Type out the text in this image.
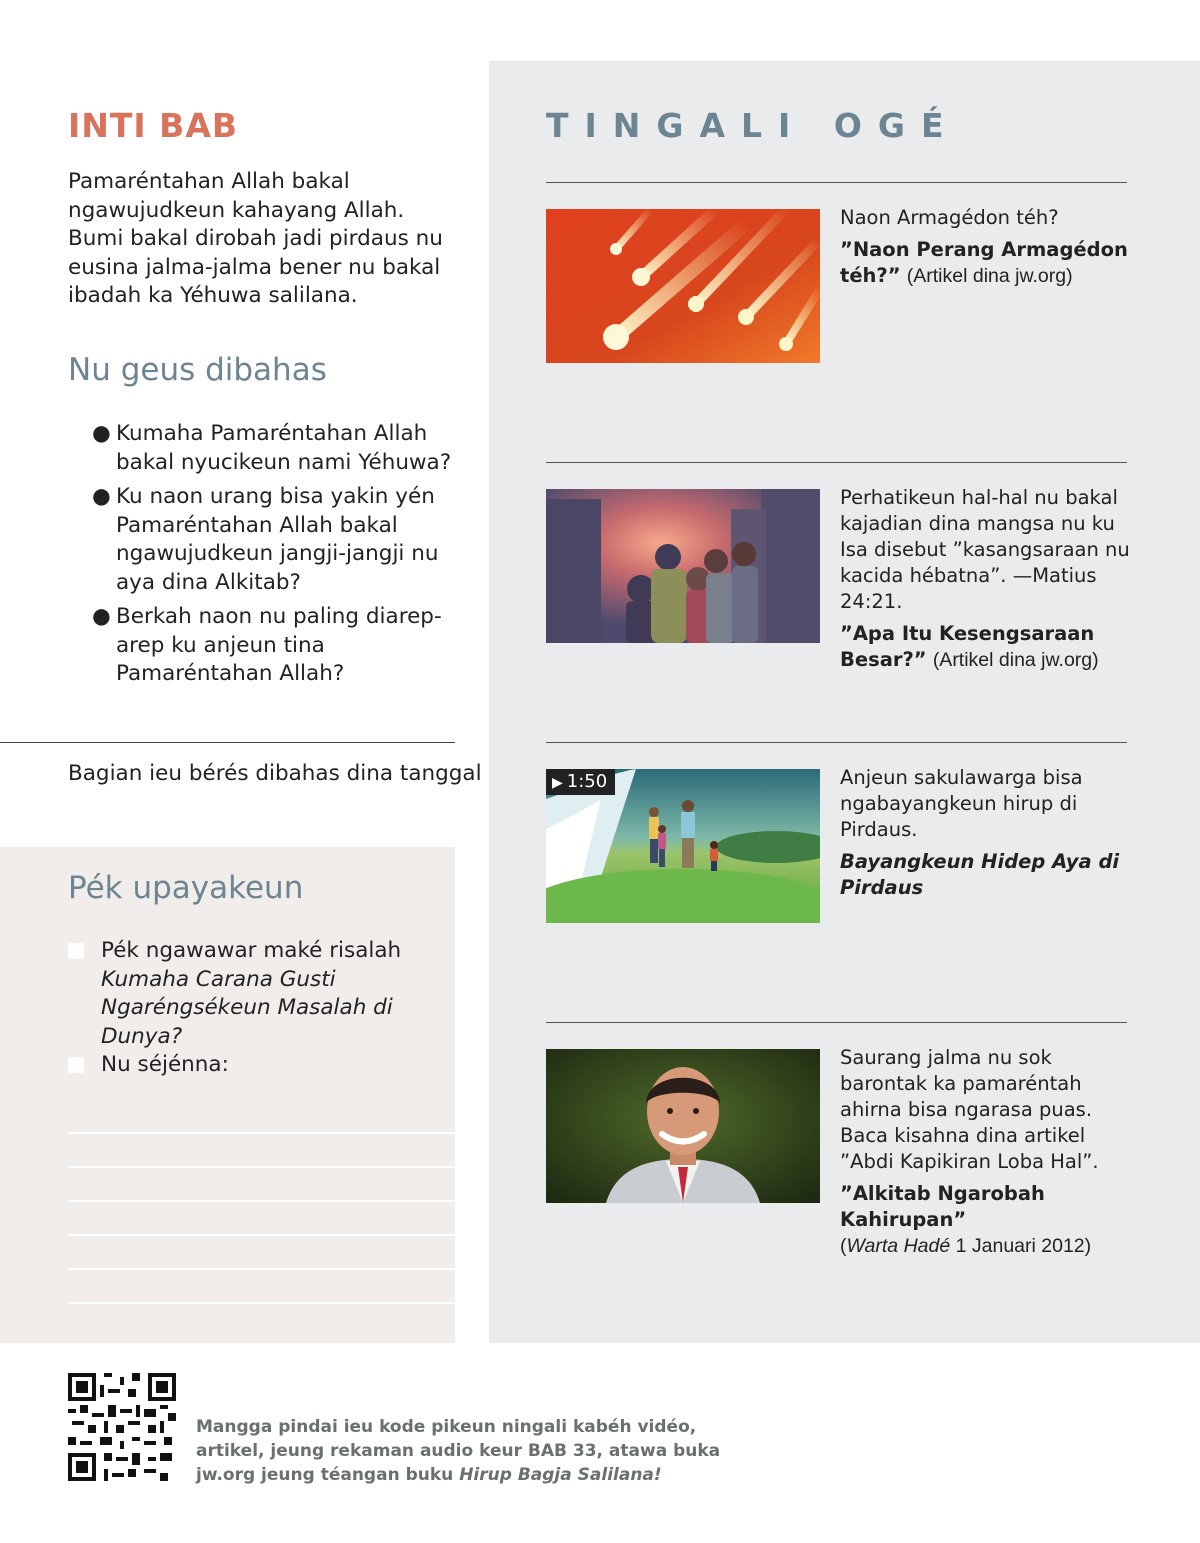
INTI BAB
Pamaréntahan Allah bakal ngawujudkeun kahayang Allah. Bumi bakal dirobah jadi pirdaus nu eusina jalma-jalma bener nu bakal ibadah ka Yéhuwa salilana.
Nu geus dibahas
● Kumaha Pamaréntahan Allah bakal nyucikeun nami Yéhuwa?
● Ku naon urang bisa yakin yén Pamaréntahan Allah bakal ngawujudkeun jangji-jangji nu aya dina Alkitab?
● Berkah naon nu paling diarep-arep ku anjeun tina Pamaréntahan Allah?
Bagian ieu bérés dibahas dina tanggal
Pék upayakeun
Pék ngawawar maké risalah Kumaha Carana Gusti Ngaréngsékeun Masalah di Dunya?
Nu séjénna:
TINGALI OGÉ

Naon Armagédon téh?

”Naon Perang Armagédon téh?” (Artikel dina jw.org)

Perhatikeun hal-hal nu bakal kajadian dina mangsa nu ku Isa disebut ”kasangsaraan nu kacida hébatna”. —Matius 24:21.

”Apa Itu Kesengsaraan Besar?” (Artikel dina jw.org)

▶ 1:50	Anjeun sakulawarga bisa ngabayangkeun hirup di Pirdaus.

Bayangkeun Hidep Aya di Pirdaus

Saurang jalma nu sok barontak ka pamaréntah ahirna bisa ngarasa puas. Baca kisahna dina artikel ”Abdi Kapikiran Loba Hal”.

”Alkitab Ngarobah Kahirupan”
(Warta Hadé 1 Januari 2012)

Mangga pindai ieu kode pikeun ningali kabéh vidéo, artikel, jeung rekaman audio keur BAB 33, atawa buka jw.org jeung téangan buku Hirup Bagja Salilana!
